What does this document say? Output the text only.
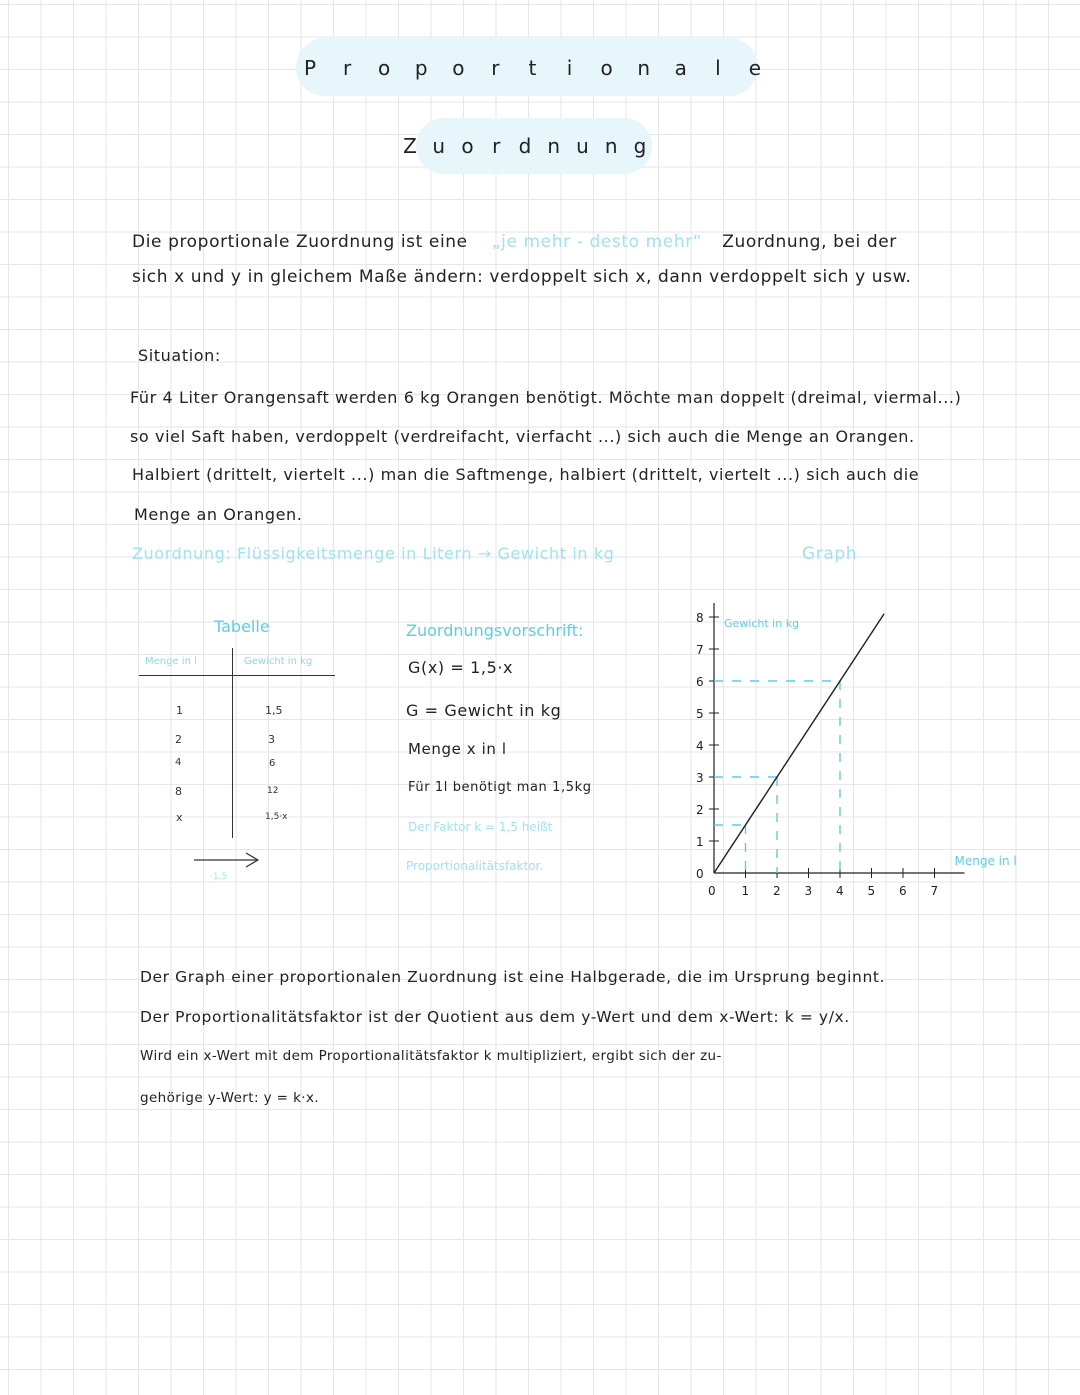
P r o p o r	t	i	o n a	l	e
Z u o r d n u n g
Die proportionale Zuordnung ist eine „je mehr - desto mehr“ Zuordnung, bei der
sich x und y in gleichem Maße ändern: verdoppelt sich x, dann verdoppelt sich y usw.
Situation:
Für 4 Liter Orangensaft werden 6 kg Orangen benötigt. Möchte man doppelt (dreimal, viermal...)
so viel Saft haben, verdoppelt (verdreifacht, vierfacht ...) sich auch die Menge an Orangen.
Halbiert (drittelt, viertelt ...) man die Saftmenge, halbiert (drittelt, viertelt ...) sich auch die
Menge an Orangen.
Zuordnung: Flüssigkeitsmenge in Litern → Gewicht in kg	Graph
Tabelle
Menge in l	Gewicht in kg
1	1,5
2	3
4	6
8	12
x	1,5·x
·1,5
Zuordnungsvorschrift:
G(x) = 1,5·x
G = Gewicht in kg
Menge x in l
Für 1l benötigt man 1,5kg
Der Faktor k = 1,5 heißt
Proportionalitätsfaktor.
0 1 2 3 4 5 6 7
0
1
2
3
4
5
6
7
8 Gewicht in kg
Menge in l
Der Graph einer proportionalen Zuordnung ist eine Halbgerade, die im Ursprung beginnt.
Der Proportionalitätsfaktor ist der Quotient aus dem y-Wert und dem x-Wert: k = y/x.
Wird ein x-Wert mit dem Proportionalitätsfaktor k multipliziert, ergibt sich der zu-
gehörige y-Wert: y = k·x.
